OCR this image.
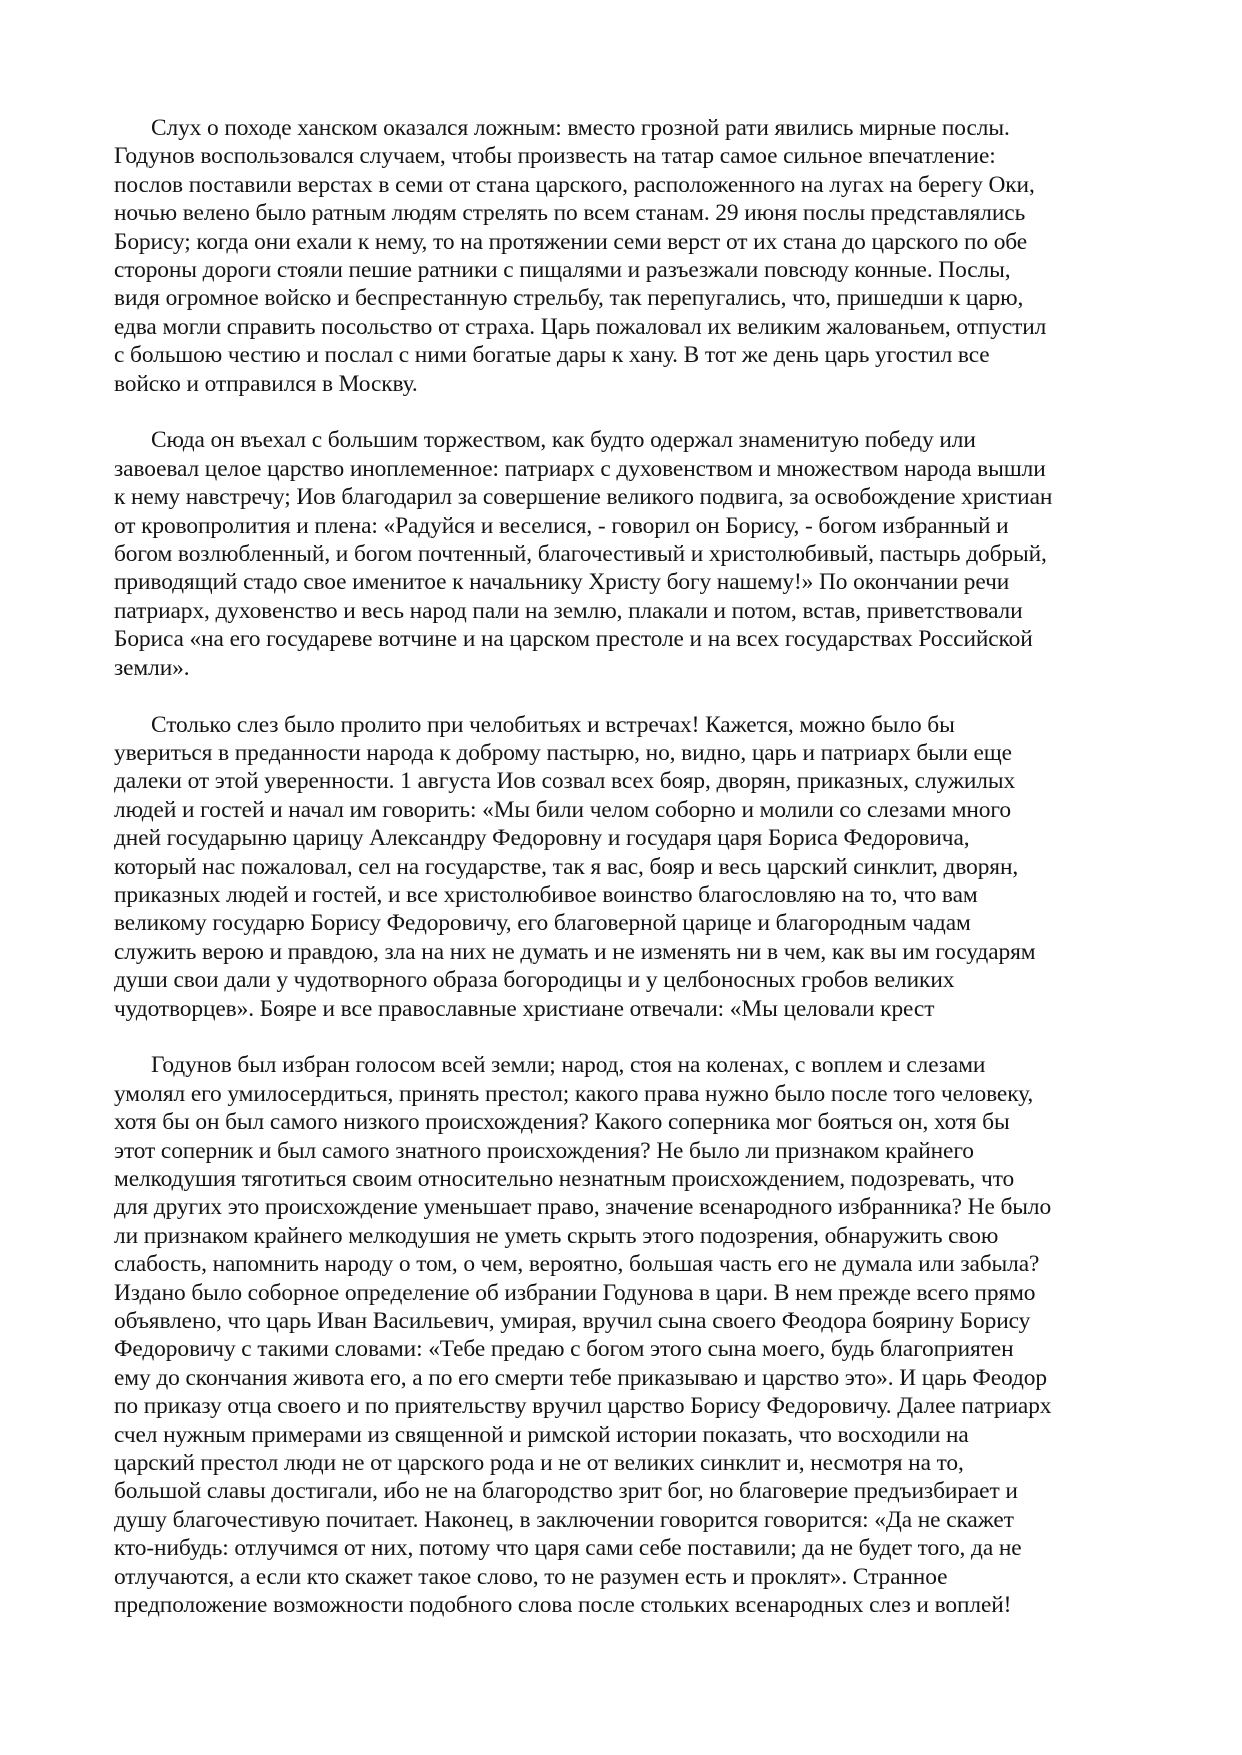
Слух о походе ханском оказался ложным: вместо грозной рати явились мирные послы.
Годунов воспользовался случаем, чтобы произвесть на татар самое сильное впечатление:
послов поставили верстах в семи от стана царского, расположенного на лугах на берегу Оки,
ночью велено было ратным людям стрелять по всем станам. 29 июня послы представлялись
Борису; когда они ехали к нему, то на протяжении семи верст от их стана до царского по обе
стороны дороги стояли пешие ратники с пищалями и разъезжали повсюду конные. Послы,
видя огромное войско и беспрестанную стрельбу, так перепугались, что, пришедши к царю,
едва могли справить посольство от страха. Царь пожаловал их великим жалованьем, отпустил
с большою честию и послал с ними богатые дары к хану. В тот же день царь угостил все
войско и отправился в Москву.

Сюда он въехал с большим торжеством, как будто одержал знаменитую победу или
завоевал целое царство иноплеменное: патриарх с духовенством и множеством народа вышли
к нему навстречу; Иов благодарил за совершение великого подвига, за освобождение христиан
от кровопролития и плена: «Радуйся и веселися, - говорил он Борису, - богом избранный и
богом возлюбленный, и богом почтенный, благочестивый и христолюбивый, пастырь добрый,
приводящий стадо свое именитое к начальнику Христу богу нашему!» По окончании речи
патриарх, духовенство и весь народ пали на землю, плакали и потом, встав, приветствовали
Бориса «на его государеве вотчине и на царском престоле и на всех государствах Российской
земли».

Столько слез было пролито при челобитьях и встречах! Кажется, можно было бы
увериться в преданности народа к доброму пастырю, но, видно, царь и патриарх были еще
далеки от этой уверенности. 1 августа Иов созвал всех бояр, дворян, приказных, служилых
людей и гостей и начал им говорить: «Мы били челом соборно и молили со слезами много
дней государыню царицу Александру Федоровну и государя царя Бориса Федоровича,
который нас пожаловал, сел на государстве, так я вас, бояр и весь царский синклит, дворян,
приказных людей и гостей, и все христолюбивое воинство благословляю на то, что вам
великому государю Борису Федоровичу, его благоверной царице и благородным чадам
служить верою и правдою, зла на них не думать и не изменять ни в чем, как вы им государям
души свои дали у чудотворного образа богородицы и у целбоносных гробов великих
чудотворцев». Бояре и все православные христиане отвечали: «Мы целовали крест

Годунов был избран голосом всей земли; народ, стоя на коленах, с воплем и слезами
умолял его умилосердиться, принять престол; какого права нужно было после того человеку,
хотя бы он был самого низкого происхождения? Какого соперника мог бояться он, хотя бы
этот соперник и был самого знатного происхождения? Не было ли признаком крайнего
мелкодушия тяготиться своим относительно незнатным происхождением, подозревать, что
для других это происхождение уменьшает право, значение всенародного избранника? Не было
ли признаком крайнего мелкодушия не уметь скрыть этого подозрения, обнаружить свою
слабость, напомнить народу о том, о чем, вероятно, большая часть его не думала или забыла?
Издано было соборное определение об избрании Годунова в цари. В нем прежде всего прямо
объявлено, что царь Иван Васильевич, умирая, вручил сына своего Феодора боярину Борису
Федоровичу с такими словами: «Тебе предаю с богом этого сына моего, будь благоприятен
ему до скончания живота его, а по его смерти тебе приказываю и царство это». И царь Феодор
по приказу отца своего и по приятельству вручил царство Борису Федоровичу. Далее патриарх
счел нужным примерами из священной и римской истории показать, что восходили на
царский престол люди не от царского рода и не от великих синклит и, несмотря на то,
большой славы достигали, ибо не на благородство зрит бог, но благоверие предъизбирает и
душу благочестивую почитает. Наконец, в заключении говорится говорится: «Да не скажет
кто-нибудь: отлучимся от них, потому что царя сами себе поставили; да не будет того, да не
отлучаются, а если кто скажет такое слово, то не разумен есть и проклят». Странное
предположение возможности подобного слова после стольких всенародных слез и воплей!
